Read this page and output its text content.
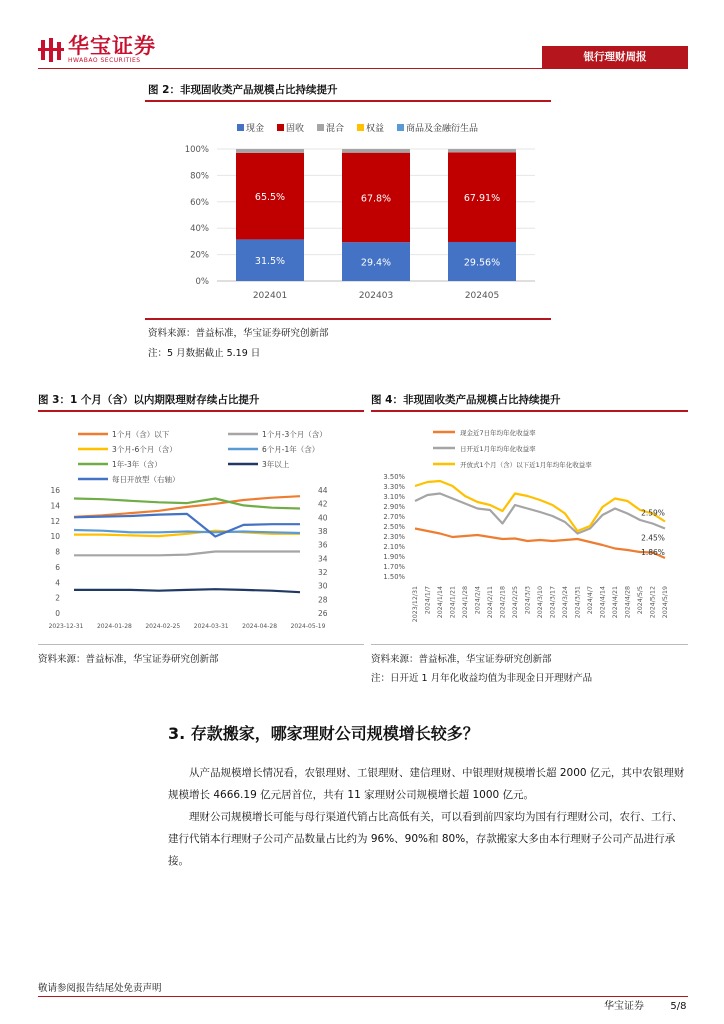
华宝证券
HWABAO SECURITIES	银行理财周报
图 2：非现固收类产品规模占比持续提升
现金 固收 混合 权益 商品及金融衍生品
0%
20%
40%
60%
80%
100%
202401	202403	202405
31.5%
65.5%
29.4%
67.8%
29.56%
67.91%
资料来源：普益标准，华宝证券研究创新部
注：5 月数据截止 5.19 日
图 3：1 个月（含）以内期限理财存续占比提升
1个月（含）以下	1个月-3个月（含）
3个月-6个月（含）	6个月-1年（含）
1年-3年（含）	3年以上
每日开放型（右轴）
0
2
4
6
8
10
12
14
16
26
28
30
32
34
36
38
40
42
44
2023-12-31 2024-01-28 2024-02-25 2024-03-31 2024-04-28 2024-05-19
资料来源：普益标准，华宝证券研究创新部
图 4：非现固收类产品规模占比持续提升
现金近7日年均年化收益率
日开近1月年均年化收益率
开放式1个月（含）以下近1月年均年化收益率
1.50%
1.70%
1.90%
2.10%
2.30%
2.50%
2.70%
2.90%
3.10%
3.30%
3.50%
2023/12/31 2024/1/7 2024/1/14 2024/1/21 2024/1/28 2024/2/4 2024/2/11 2024/2/18 2024/2/25 2024/3/3 2024/3/10 2024/3/17 2024/3/24 2024/3/31 2024/4/7 2024/4/14 2024/4/21 2024/4/28 2024/5/5 2024/5/12 2024/5/19
1.86%
2.45%
2.59%
资料来源：普益标准，华宝证券研究创新部
注：日开近 1 月年化收益均值为非现金日开理财产品
3. 存款搬家，哪家理财公司规模增长较多？
从产品规模增长情况看，农银理财、工银理财、建信理财、中银理财规模增长超 2000 亿元，其中农银理财规模增长 4666.19 亿元居首位，共有 11 家理财公司规模增长超 1000 亿元。
理财公司规模增长可能与母行渠道代销占比高低有关，可以看到前四家均为国有行理财公司，农行、工行、建行代销本行理财子公司产品数量占比约为 96%、90%和 80%，存款搬家大多由本行理财子公司产品进行承接。
敬请参阅报告结尾处免责声明
华宝证券	5/8
